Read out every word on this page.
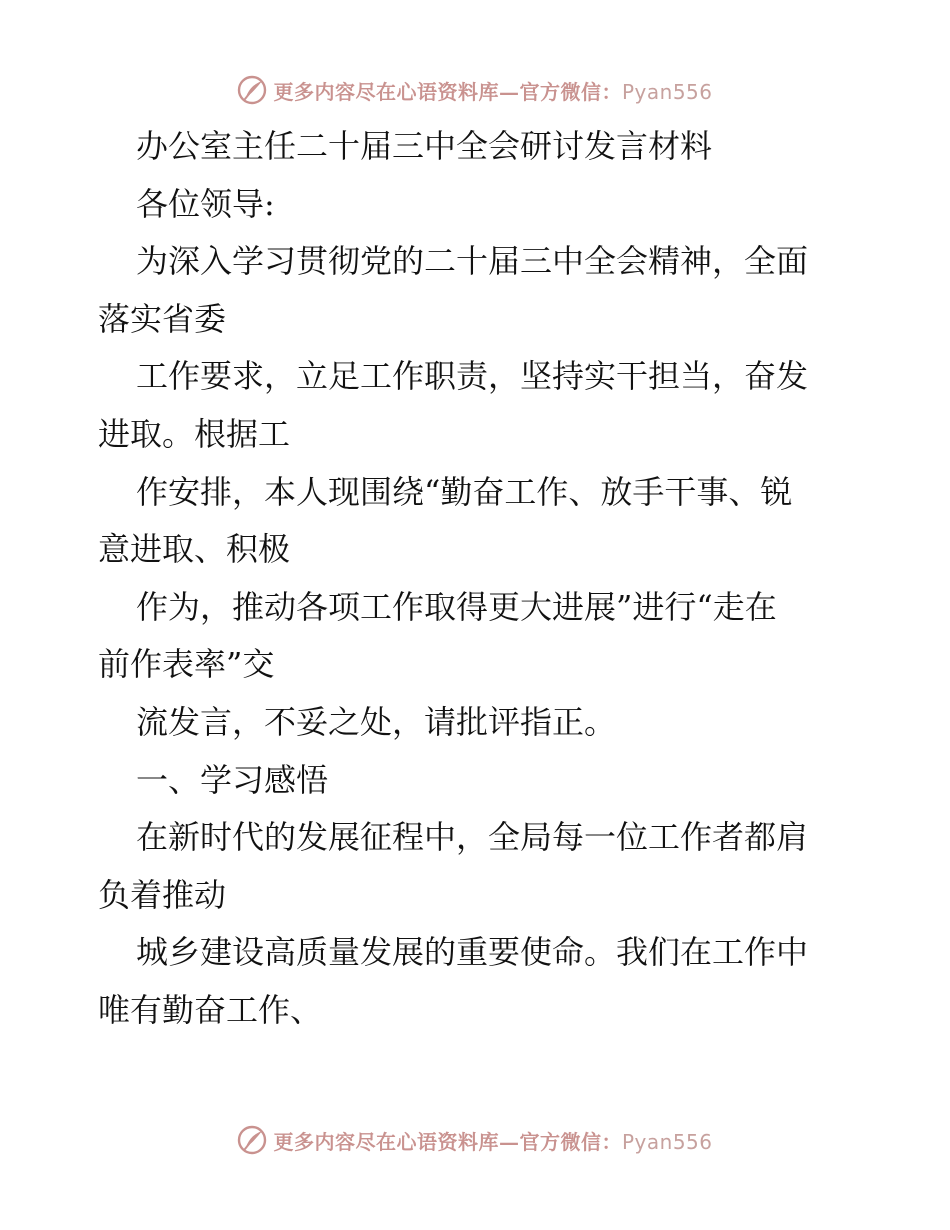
更多内容尽在心语资料库—官方微信：Pyan556
办公室主任二十届三中全会研讨发言材料
各位领导:
为深入学习贯彻党的二十届三中全会精神，全面
落实省委
工作要求，立足工作职责，坚持实干担当，奋发
进取。根据工
作安排，本人现围绕“勤奋工作、放手干事、锐
意进取、积极
作为，推动各项工作取得更大进展”进行“走在
前作表率”交
流发言，不妥之处，请批评指正。
一、学习感悟
在新时代的发展征程中，全局每一位工作者都肩
负着推动
城乡建设高质量发展的重要使命。我们在工作中
唯有勤奋工作、
更多内容尽在心语资料库—官方微信：Pyan556
